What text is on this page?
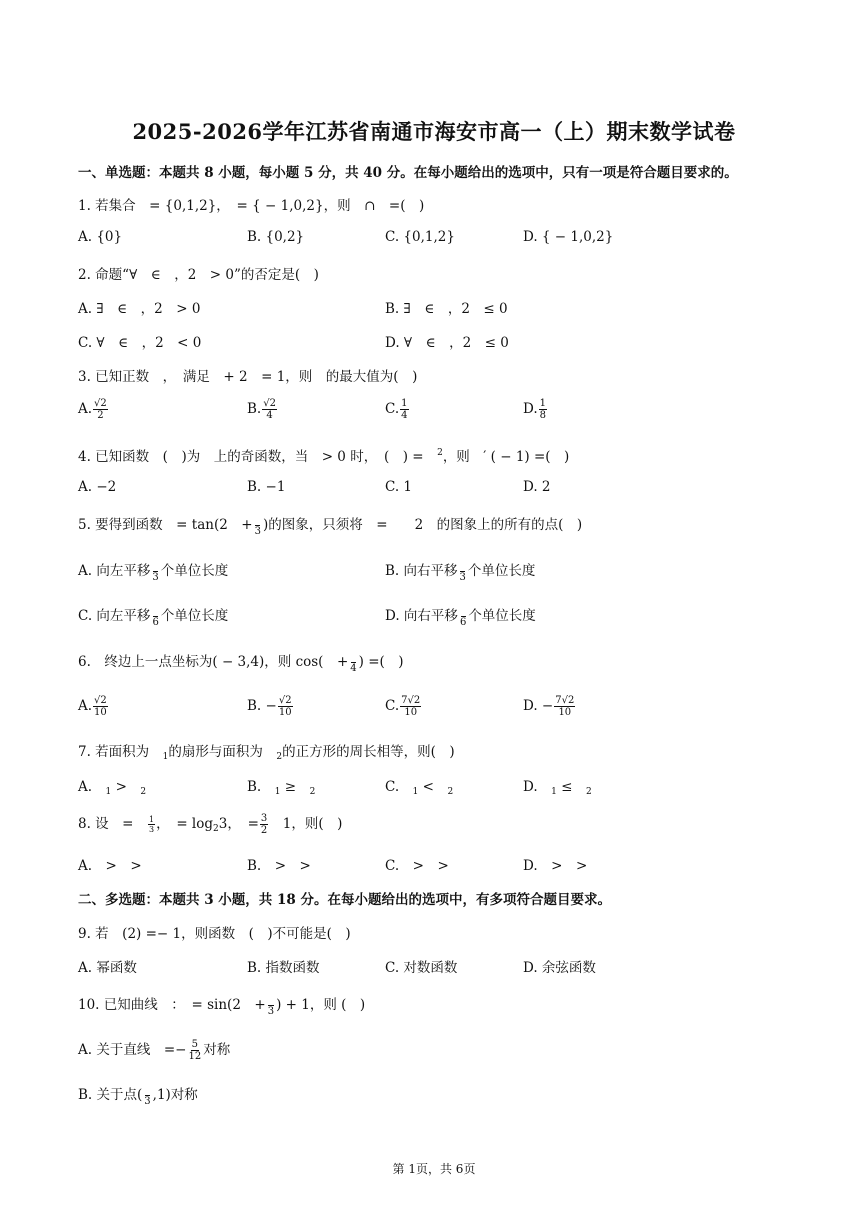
2025-2026学年江苏省南通市海安市高一（上）期末数学试卷
一、单选题：本题共 8 小题，每小题 5 分，共 40 分。在每小题给出的选项中，只有一项是符合题目要求的。
1. 若集合　= {0,1,2}，　= { − 1,0,2}，则　∩　=(　)
A. {0}	B. {0,2}	C. {0,1,2}	D. { − 1,0,2}
2. 命题“∀　∈　，2　> 0”的否定是(　)
A. ∃　∈　，2　> 0	B. ∃　∈　，2　≤ 0
C. ∀　∈　，2　< 0	D. ∀　∈　，2　≤ 0
3. 已知正数　，　满足　+ 2　= 1，则　的最大值为(　)
A. $\frac{√2}{2}$	B. $\frac{√2}{4}$	C. $\frac{1}{4}$	D. $\frac{1}{8}$
4. 已知函数　(　)为　上的奇函数，当　> 0 时，　(　) =　$^2$，则　′ ( − 1) =(　)
A. −2	B. −1	C. 1	D. 2
5. 要得到函数　= tan(2　+
3 )的图象，只须将　=　　2　的图象上的所有的点(　)
A. 向左平移
3 个单位长度	B. 向右平移
3 个单位长度
C. 向左平移
6 个单位长度	D. 向右平移
6 个单位长度
6.　终边上一点坐标为( − 3,4)，则 cos(　+
4 ) =(　)
A. $\frac{√2}{10}$	B. − $\frac{√2}{10}$	C. $\frac{7√2}{10}$	D. − $\frac{7√2}{10}$
7. 若面积为　$_1$的扇形与面积为　$_2$的正方形的周长相等，则(　)
A.　$_1$ >　$_2$	B.　$_1$ ≥　$_2$	C.　$_1$ <　$_2$	D.　$_1$ ≤　$_2$
8. 设　=　 $\frac{1}{3}$ ，　= $\log_23$，　= $\frac{3}{2}$ 　1，则(　)
A.　>　>	B.　>　>	C.　>　>	D.　>　>
二、多选题：本题共 3 小题，共 18 分。在每小题给出的选项中，有多项符合题目要求。
9. 若　(2) =− 1，则函数　(　)不可能是(　)
A. 幂函数	B. 指数函数	C. 对数函数	D. 余弦函数
10. 已知曲线　：　= sin(2　+
3 ) + 1，则 (　)
A. 关于直线　=− $\frac{5}{12}$ 对称
B. 关于点(
3 ,1)对称
第 1页，共 6页
